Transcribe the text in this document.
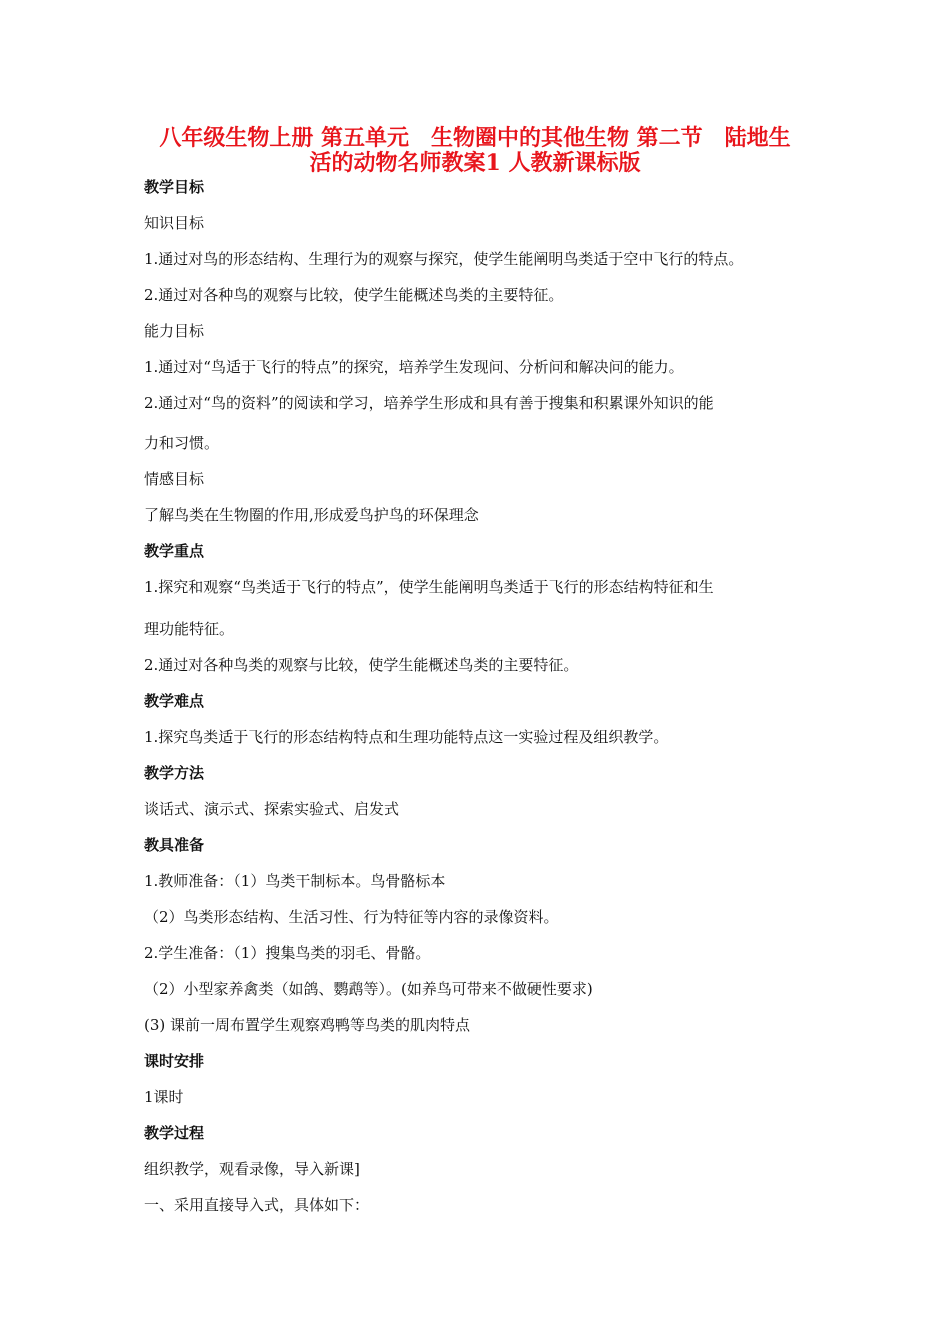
八年级生物上册 第五单元　生物圈中的其他生物 第二节　陆地生
活的动物名师教案1 人教新课标版
教学目标

知识目标

1.通过对鸟的形态结构、生理行为的观察与探究，使学生能阐明鸟类适于空中飞行的特点。

2.通过对各种鸟的观察与比较，使学生能概述鸟类的主要特征。

能力目标

1.通过对“鸟适于飞行的特点”的探究，培养学生发现问、分析问和解决问的能力。

2.通过对“鸟的资料”的阅读和学习，培养学生形成和具有善于搜集和积累课外知识的能

力和习惯。

情感目标

了解鸟类在生物圈的作用,形成爱鸟护鸟的环保理念

教学重点

1.探究和观察“鸟类适于飞行的特点”，使学生能阐明鸟类适于飞行的形态结构特征和生

理功能特征。

2.通过对各种鸟类的观察与比较，使学生能概述鸟类的主要特征。

教学难点

1.探究鸟类适于飞行的形态结构特点和生理功能特点这一实验过程及组织教学。

教学方法

谈话式、演示式、探索实验式、启发式

教具准备

1.教师准备：（1）鸟类干制标本。鸟骨骼标本

（2）鸟类形态结构、生活习性、行为特征等内容的录像资料。

2.学生准备：（1）搜集鸟类的羽毛、骨骼。

（2）小型家养禽类（如鸽、鹦鹉等）。(如养鸟可带来不做硬性要求)

(3) 课前一周布置学生观察鸡鸭等鸟类的肌肉特点

课时安排

1课时

教学过程

组织教学，观看录像，导入新课]

一、采用直接导入式，具体如下：
